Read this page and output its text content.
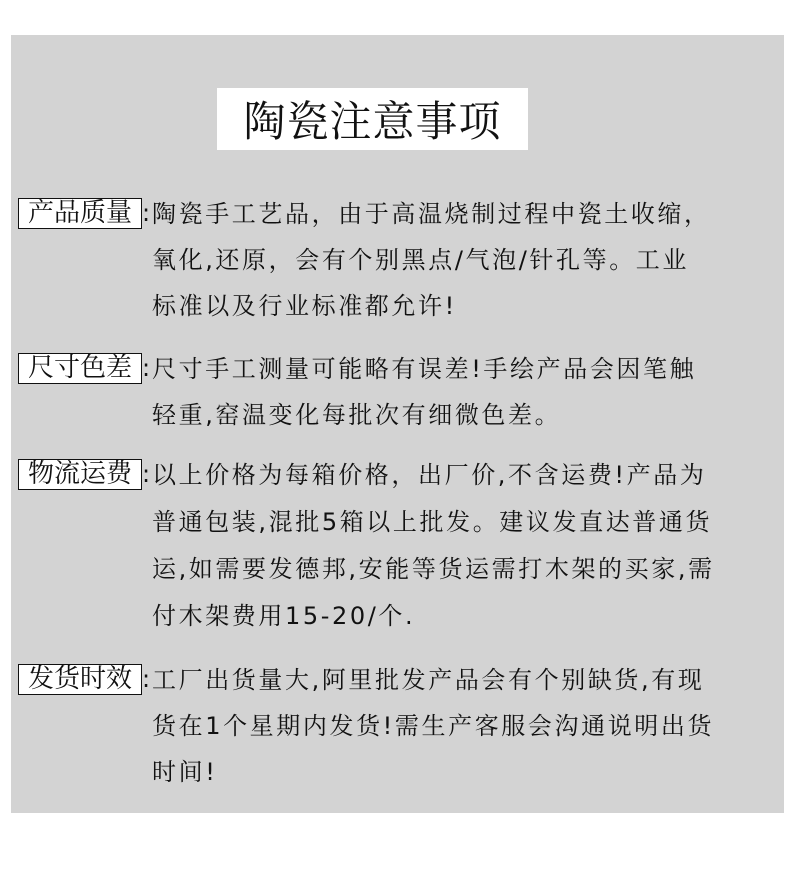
陶瓷注意事项
产品质量 : 陶瓷手工艺品，由于高温烧制过程中瓷土收缩，
氧化,还原，会有个别黑点/气泡/针孔等。工业
标准以及行业标准都允许!
尺寸色差 : 尺寸手工测量可能略有误差!手绘产品会因笔触
轻重,窑温变化每批次有细微色差。
物流运费 : 以上价格为每箱价格，出厂价,不含运费!产品为
普通包装,混批5箱以上批发。建议发直达普通货
运,如需要发德邦,安能等货运需打木架的买家,需
付木架费用15-20/个.
发货时效 : 工厂出货量大,阿里批发产品会有个别缺货,有现
货在1个星期内发货!需生产客服会沟通说明出货
时间!
